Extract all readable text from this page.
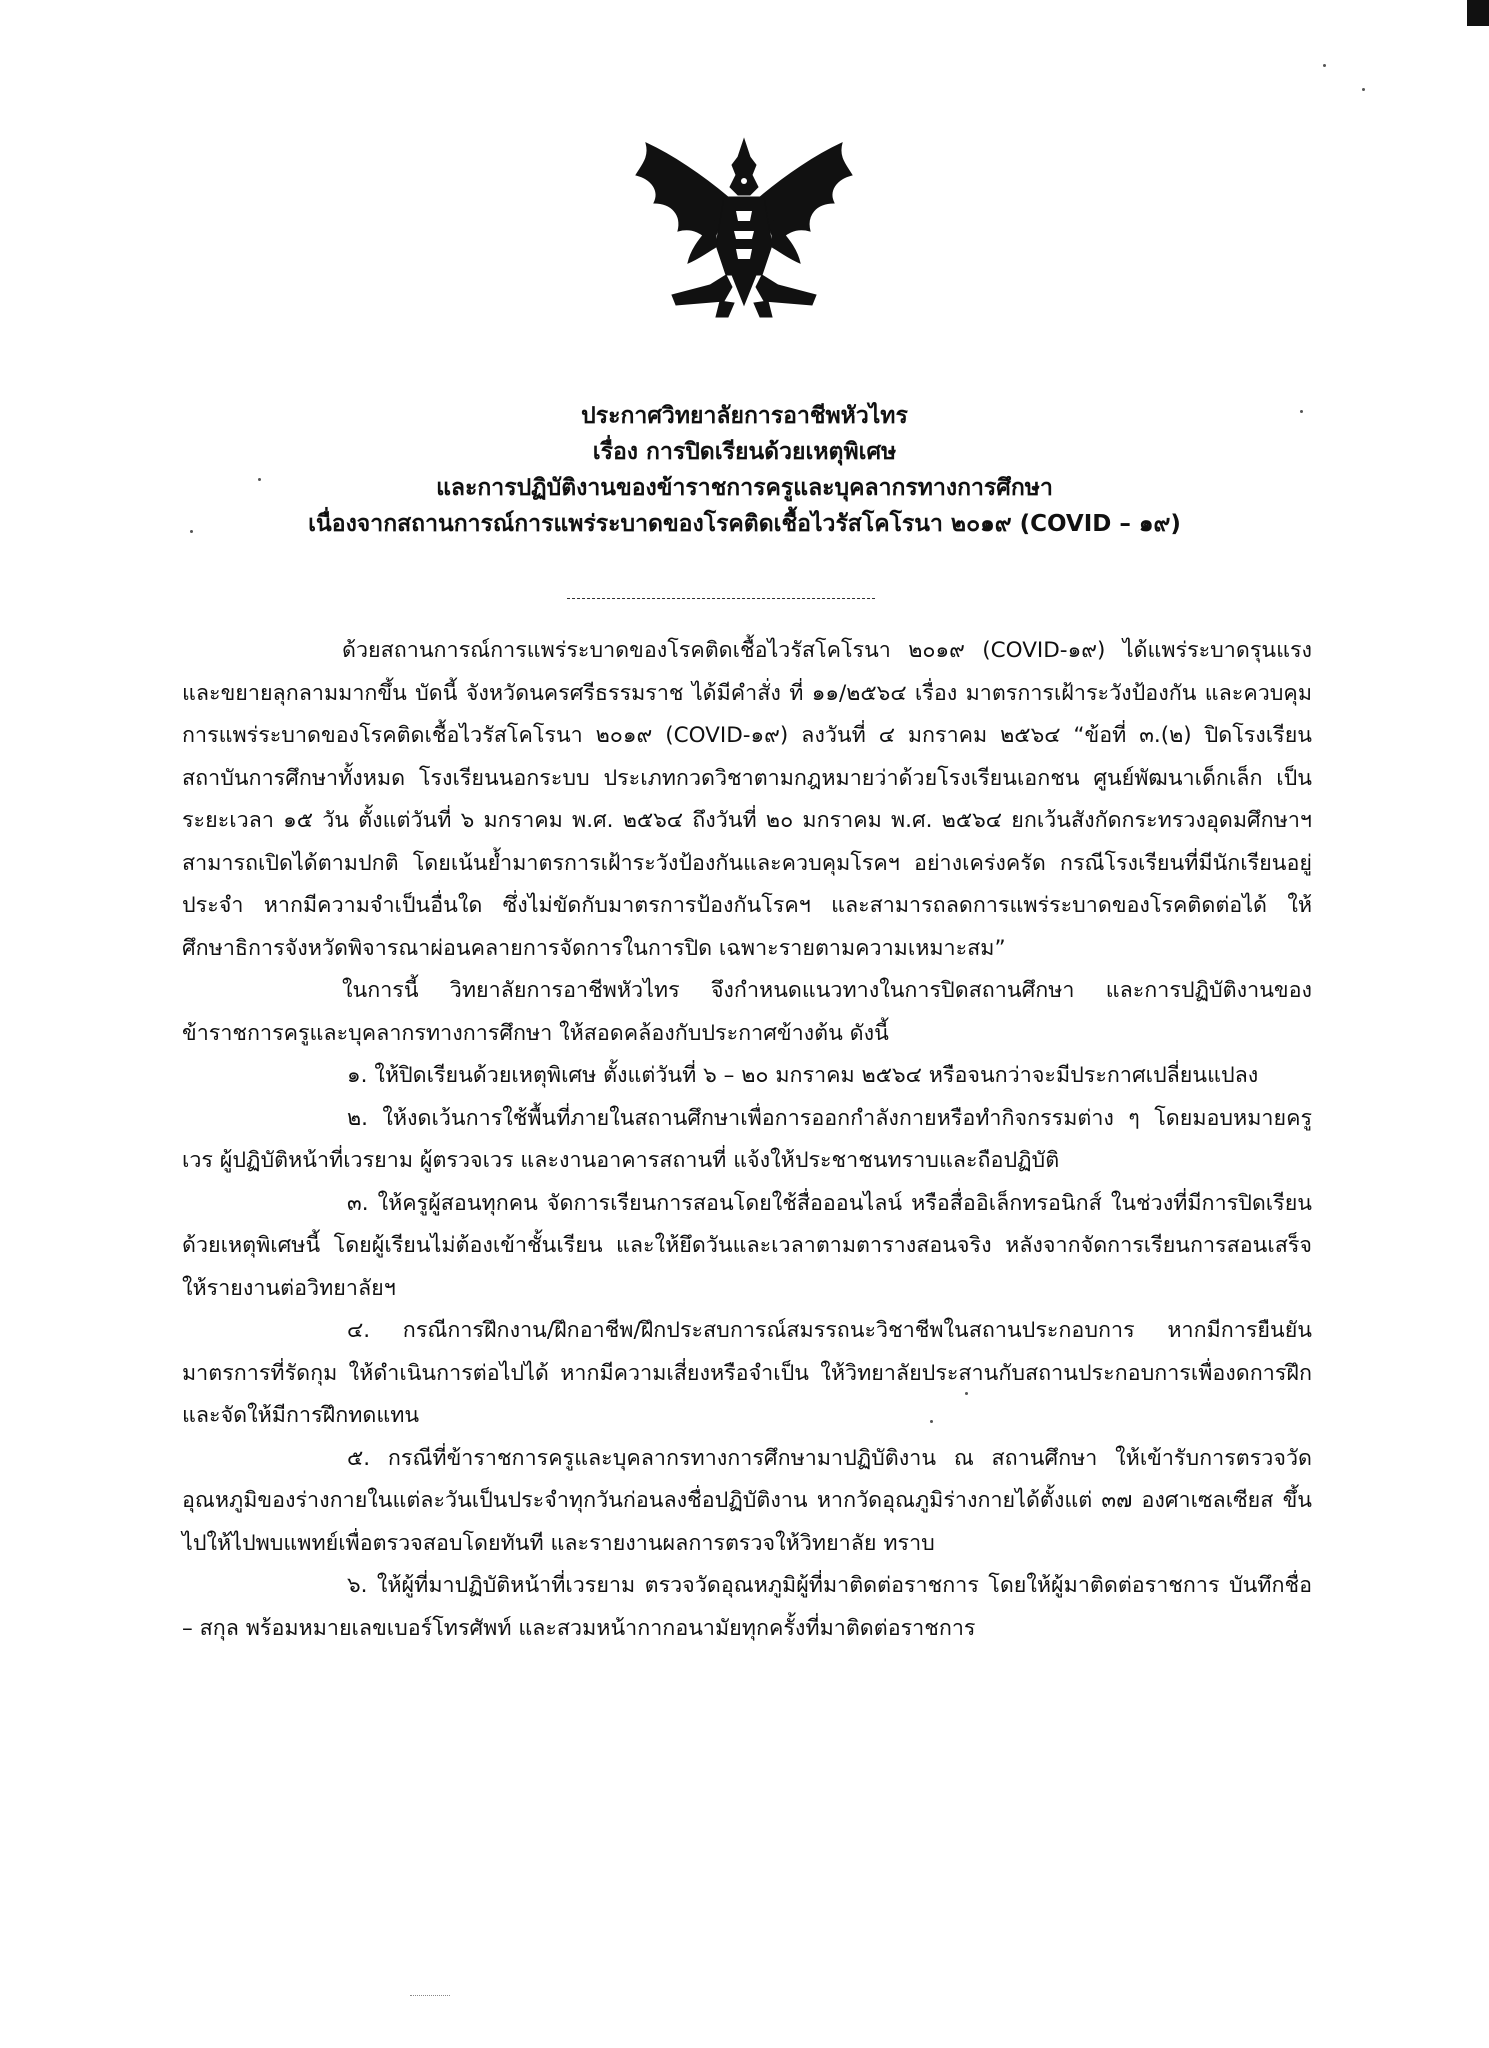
ประกาศวิทยาลัยการอาชีพหัวไทร
เรื่อง การปิดเรียนด้วยเหตุพิเศษ
และการปฏิบัติงานของข้าราชการครูและบุคลากรทางการศึกษา
เนื่องจากสถานการณ์การแพร่ระบาดของโรคติดเชื้อไวรัสโคโรนา ๒๐๑๙ (COVID – ๑๙)

ด้วยสถานการณ์การแพร่ระบาดของโรคติดเชื้อไวรัสโคโรนา ๒๐๑๙ (COVID-๑๙) ได้แพร่ระบาดรุนแรงและขยายลุกลามมากขึ้น บัดนี้ จังหวัดนครศรีธรรมราช ได้มีคำสั่ง ที่ ๑๑/๒๕๖๔ เรื่อง มาตรการเฝ้าระวังป้องกัน และควบคุมการแพร่ระบาดของโรคติดเชื้อไวรัสโคโรนา ๒๐๑๙ (COVID-๑๙) ลงวันที่ ๔ มกราคม ๒๕๖๔ “ข้อที่ ๓.(๒) ปิดโรงเรียน สถาบันการศึกษาทั้งหมด โรงเรียนนอกระบบ ประเภทกวดวิชาตามกฎหมายว่าด้วยโรงเรียนเอกชน ศูนย์พัฒนาเด็กเล็ก เป็นระยะเวลา ๑๕ วัน ตั้งแต่วันที่ ๖ มกราคม พ.ศ. ๒๕๖๔ ถึงวันที่ ๒๐ มกราคม พ.ศ. ๒๕๖๔ ยกเว้นสังกัดกระทรวงอุดมศึกษาฯ สามารถเปิดได้ตามปกติ โดยเน้นย้ำมาตรการเฝ้าระวังป้องกันและควบคุมโรคฯ อย่างเคร่งครัด กรณีโรงเรียนที่มีนักเรียนอยู่ประจำ หากมีความจำเป็นอื่นใด ซึ่งไม่ขัดกับมาตรการป้องกันโรคฯ และสามารถลดการแพร่ระบาดของโรคติดต่อได้ ให้ศึกษาธิการจังหวัดพิจารณาผ่อนคลายการจัดการในการปิด เฉพาะรายตามความเหมาะสม”

ในการนี้ วิทยาลัยการอาชีพหัวไทร จึงกำหนดแนวทางในการปิดสถานศึกษา และการปฏิบัติงานของข้าราชการครูและบุคลากรทางการศึกษา ให้สอดคล้องกับประกาศข้างต้น ดังนี้

๑. ให้ปิดเรียนด้วยเหตุพิเศษ ตั้งแต่วันที่ ๖ – ๒๐ มกราคม ๒๕๖๔ หรือจนกว่าจะมีประกาศเปลี่ยนแปลง

๒. ให้งดเว้นการใช้พื้นที่ภายในสถานศึกษาเพื่อการออกกำลังกายหรือทำกิจกรรมต่าง ๆ โดยมอบหมายครูเวร ผู้ปฏิบัติหน้าที่เวรยาม ผู้ตรวจเวร และงานอาคารสถานที่ แจ้งให้ประชาชนทราบและถือปฏิบัติ

๓. ให้ครูผู้สอนทุกคน จัดการเรียนการสอนโดยใช้สื่อออนไลน์ หรือสื่ออิเล็กทรอนิกส์ ในช่วงที่มีการปิดเรียนด้วยเหตุพิเศษนี้ โดยผู้เรียนไม่ต้องเข้าชั้นเรียน และให้ยึดวันและเวลาตามตารางสอนจริง หลังจากจัดการเรียนการสอนเสร็จให้รายงานต่อวิทยาลัยฯ

๔. กรณีการฝึกงาน/ฝึกอาชีพ/ฝึกประสบการณ์สมรรถนะวิชาชีพในสถานประกอบการ หากมีการยืนยันมาตรการที่รัดกุม ให้ดำเนินการต่อไปได้ หากมีความเสี่ยงหรือจำเป็น ให้วิทยาลัยประสานกับสถานประกอบการเพื่องดการฝึกและจัดให้มีการฝึกทดแทน

๕. กรณีที่ข้าราชการครูและบุคลากรทางการศึกษามาปฏิบัติงาน ณ สถานศึกษา ให้เข้ารับการตรวจวัดอุณหภูมิของร่างกายในแต่ละวันเป็นประจำทุกวันก่อนลงชื่อปฏิบัติงาน หากวัดอุณภูมิร่างกายได้ตั้งแต่ ๓๗ องศาเซลเซียส ขึ้นไปให้ไปพบแพทย์เพื่อตรวจสอบโดยทันที และรายงานผลการตรวจให้วิทยาลัย ทราบ

๖. ให้ผู้ที่มาปฏิบัติหน้าที่เวรยาม ตรวจวัดอุณหภูมิผู้ที่มาติดต่อราชการ โดยให้ผู้มาติดต่อราชการ บันทึกชื่อ – สกุล พร้อมหมายเลขเบอร์โทรศัพท์ และสวมหน้ากากอนามัยทุกครั้งที่มาติดต่อราชการ
